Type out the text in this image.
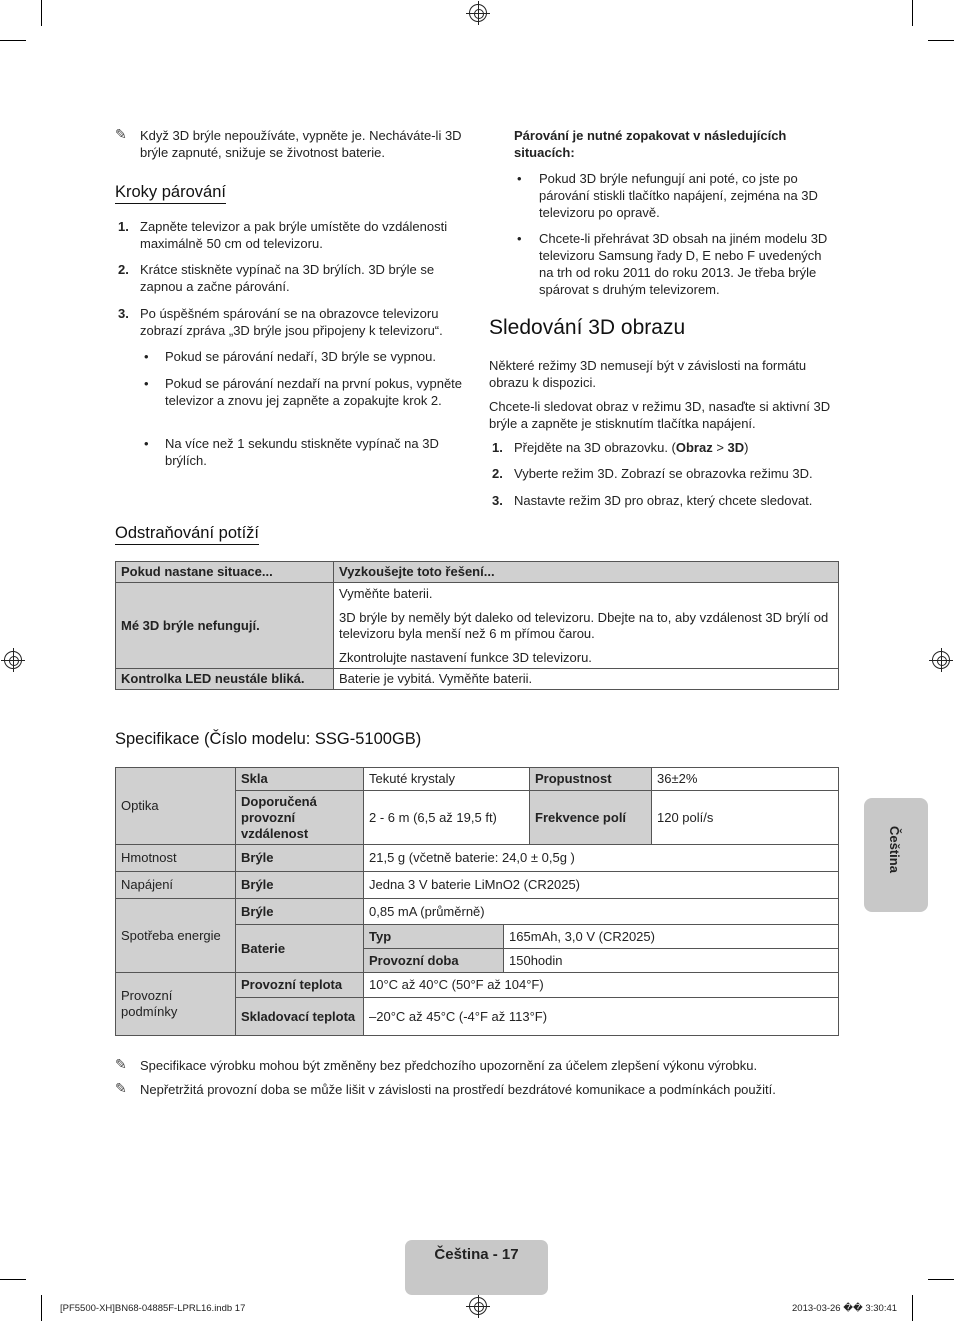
✎ Když 3D brýle nepoužíváte, vypněte je. Necháváte-li 3D brýle zapnuté, snižuje se životnost baterie.

Kroky párování
1. Zapněte televizor a pak brýle umístěte do vzdálenosti maximálně 50 cm od televizoru.

2. Krátce stiskněte vypínač na 3D brýlích. 3D brýle se zapnou a začne párování.

3. Po úspěšném spárování se na obrazovce televizoru zobrazí zpráva „3D brýle jsou připojeny k televizoru“.

• Pokud se párování nedaří, 3D brýle se vypnou.

• Pokud se párování nezdaří na první pokus, vypněte televizor a znovu jej zapněte a zopakujte krok 2.

• Na více než 1 sekundu stiskněte vypínač na 3D brýlích.

Párování je nutné zopakovat v následujících situacích:

• Pokud 3D brýle nefungují ani poté, co jste po párování stiskli tlačítko napájení, zejména na 3D televizoru po opravě.

• Chcete-li přehrávat 3D obsah na jiném modelu 3D televizoru Samsung řady D, E nebo F uvedených na trh od roku 2011 do roku 2013. Je třeba brýle spárovat s druhým televizorem.

Sledování 3D obrazu

Některé režimy 3D nemusejí být v závislosti na formátu obrazu k dispozici.

Chcete-li sledovat obraz v režimu 3D, nasaďte si aktivní 3D brýle a zapněte je stisknutím tlačítka napájení.

1. Přejděte na 3D obrazovku. (Obraz > 3D)

2. Vyberte režim 3D. Zobrazí se obrazovka režimu 3D.

3. Nastavte režim 3D pro obraz, který chcete sledovat.

Odstraňování potíží
Pokud nastane situace...	Vyzkoušejte toto řešení...
Mé 3D brýle nefungují.	Vyměňte baterii.
	3D brýle by neměly být daleko od televizoru. Dbejte na to, aby vzdálenost 3D brýlí od televizoru byla menší než 6 m přímou čarou.
	Zkontrolujte nastavení funkce 3D televizoru.
Kontrolka LED neustále bliká.	Baterie je vybitá. Vyměňte baterii.
Specifikace (Číslo modelu: SSG-5100GB)
Optika	Skla	Tekuté krystaly		Propustnost	36±2%
	Doporučená provozní vzdálenost	2 - 6 m (6,5 až 19,5 ft)		Frekvence polí	120 polí/s
Hmotnost	Brýle	21,5 g (včetně baterie: 24,0 ± 0,5g )			
Napájení	Brýle	Jedna 3 V baterie LiMnO2 (CR2025)			
Spotřeba energie	Brýle	0,85 mA (průměrně)			
	Baterie	Typ	165mAh, 3,0 V (CR2025)		
		Provozní doba	150hodin		
Provozní podmínky	Provozní teplota	10°C až 40°C (50°F až 104°F)			
	Skladovací teplota	–20°C až 45°C (-4°F až 113°F)			
✎ Specifikace výrobku mohou být změněny bez předchozího upozornění za účelem zlepšení výkonu výrobku.

✎ Nepřetržitá provozní doba se může lišit v závislosti na prostředí bezdrátové komunikace a podmínkách použití.

Čeština
Čeština - 17
[PF5500-XH]BN68-04885F-LPRL16.indb 17	2013-03-26 �� 3:30:41
